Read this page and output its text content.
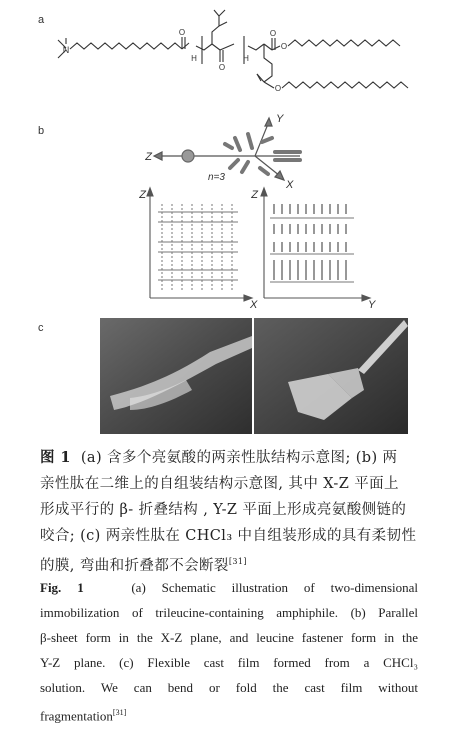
a
b
c
N
O
H
O
H
O
O
O
Z
Y
X
n=3
Z
X
Z
Y
图 1 (a) 含多个亮氨酸的两亲性肽结构示意图; (b) 两
亲性肽在二维上的自组装结构示意图, 其中 X-Z 平面上
形成平行的 β- 折叠结构 , Y-Z 平面上形成亮氨酸侧链的
咬合; (c) 两亲性肽在 CHCl₃ 中自组装形成的具有柔韧性
的膜, 弯曲和折叠都不会断裂[31]
Fig. 1	(a) Schematic illustration of two-dimensional
immobilization of trileucine-containing amphiphile. (b) Parallel
β-sheet form in the X-Z plane, and leucine fastener form in the
Y-Z plane. (c) Flexible cast film formed from a CHCl₃
solution. We can bend or fold the cast film without
fragmentation[31]
